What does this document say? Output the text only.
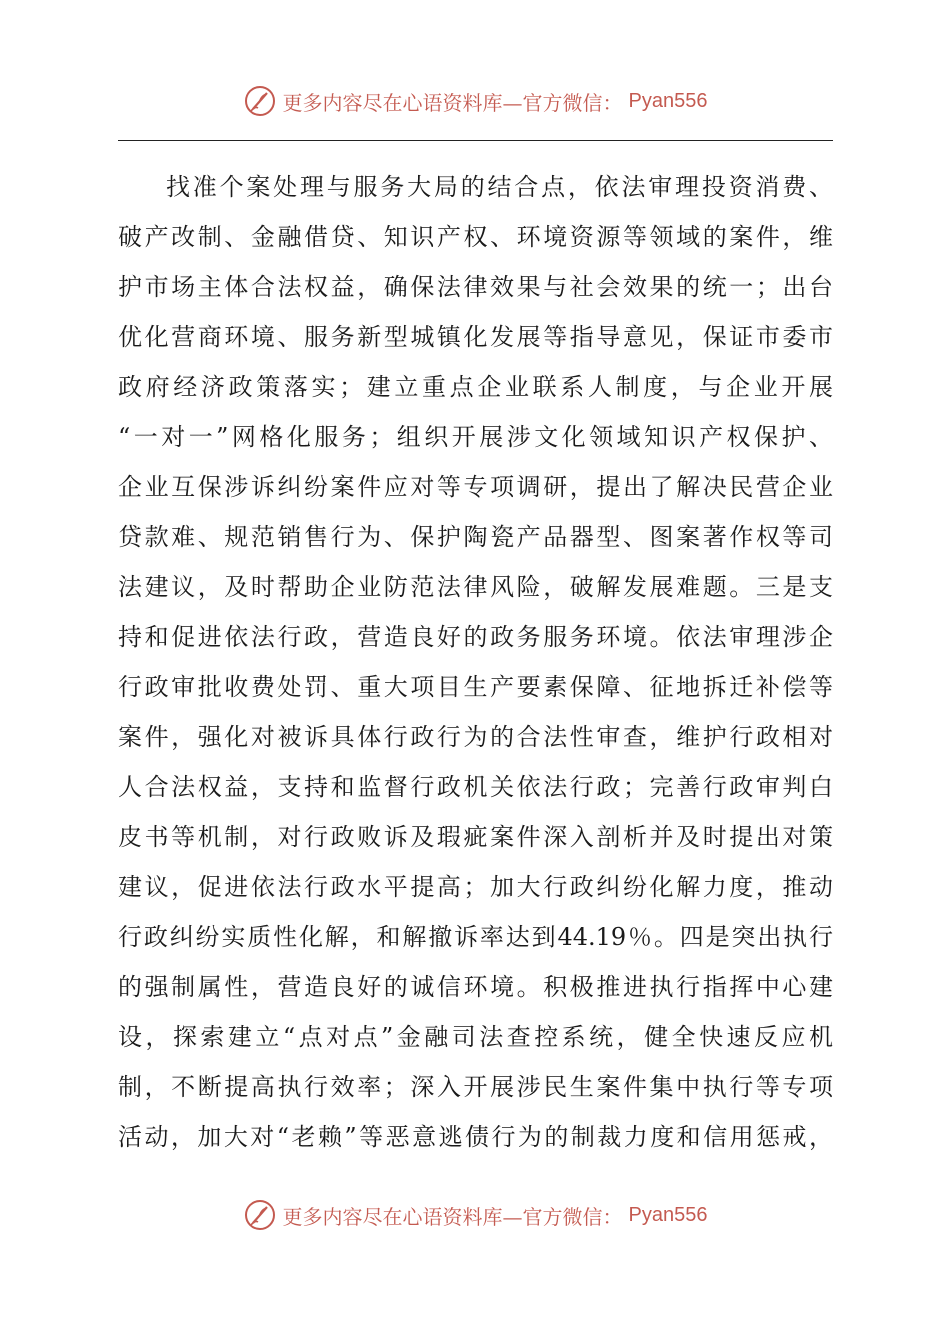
更多内容尽在心语资料库—官方微信： Pyan556
找准个案处理与服务大局的结合点，依法审理投资消费、
破产改制、金融借贷、知识产权、环境资源等领域的案件，维
护市场主体合法权益，确保法律效果与社会效果的统一；出台
优化营商环境、服务新型城镇化发展等指导意见，保证市委市
政府经济政策落实；建立重点企业联系人制度，与企业开展
“一对一”网格化服务；组织开展涉文化领域知识产权保护、
企业互保涉诉纠纷案件应对等专项调研，提出了解决民营企业
贷款难、规范销售行为、保护陶瓷产品器型、图案著作权等司
法建议，及时帮助企业防范法律风险，破解发展难题。三是支
持和促进依法行政，营造良好的政务服务环境。依法审理涉企
行政审批收费处罚、重大项目生产要素保障、征地拆迁补偿等
案件，强化对被诉具体行政行为的合法性审查，维护行政相对
人合法权益，支持和监督行政机关依法行政；完善行政审判白
皮书等机制，对行政败诉及瑕疵案件深入剖析并及时提出对策
建议，促进依法行政水平提高；加大行政纠纷化解力度，推动
行政纠纷实质性化解，和解撤诉率达到44.19％。四是突出执行
的强制属性，营造良好的诚信环境。积极推进执行指挥中心建
设，探索建立“点对点”金融司法查控系统，健全快速反应机
制，不断提高执行效率；深入开展涉民生案件集中执行等专项
活动，加大对“老赖”等恶意逃债行为的制裁力度和信用惩戒，
更多内容尽在心语资料库—官方微信： Pyan556
